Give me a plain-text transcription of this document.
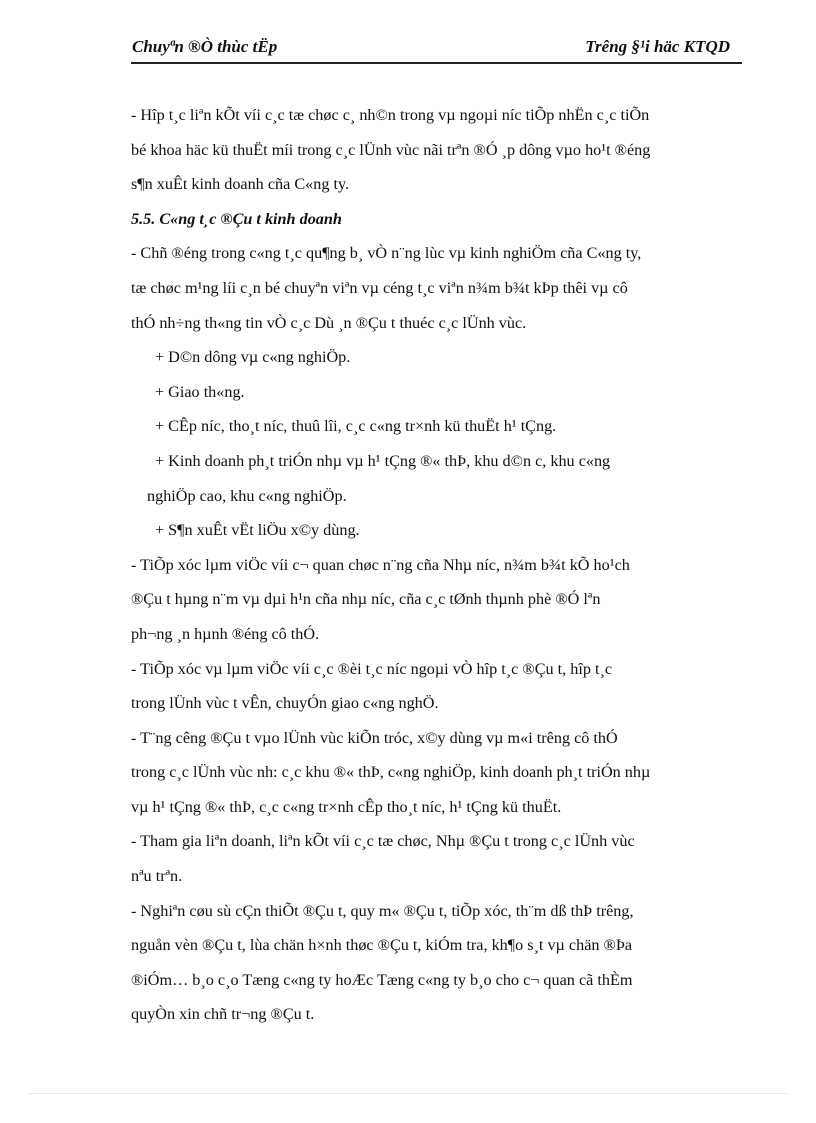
Chuyªn ®Ò thùc tËp	Trêng §¹i häc KTQD

- Hîp t¸c liªn kÕt víi c¸c tæ chøc c¸ nh©n trong vµ ngoµi níc tiÕp nhËn c¸c tiÕn

bé khoa häc kü thuËt míi trong c¸c lÜnh vùc nãi trªn ®Ó ¸p dông vµo ho¹t ®éng

s¶n xuÊt kinh doanh cña C«ng ty.

5.5. C«ng t¸c ®Çu t kinh doanh

- Chñ ®éng trong c«ng t¸c qu¶ng b¸ vÒ n¨ng lùc vµ kinh nghiÖm cña C«ng ty,

tæ chøc m¹ng líi c¸n bé chuyªn viªn vµ céng t¸c viªn n¾m b¾t kÞp thêi vµ cô

thÓ nh÷ng th«ng tin vÒ c¸c Dù ¸n ®Çu t thuéc c¸c lÜnh vùc.

+ D©n dông vµ c«ng nghiÖp.

+ Giao th«ng.

+ CÊp níc, tho¸t níc, thuû lîi, c¸c c«ng tr×nh kü thuËt h¹ tÇng.

+ Kinh doanh ph¸t triÓn nhµ vµ h¹ tÇng ®« thÞ, khu d©n c, khu c«ng

nghiÖp cao, khu c«ng nghiÖp.

+ S¶n xuÊt vËt liÖu x©y dùng.

- TiÕp xóc lµm viÖc víi c¬ quan chøc n¨ng cña Nhµ níc, n¾m b¾t kÕ ho¹ch

®Çu t hµng n¨m vµ dµi h¹n cña nhµ níc, cña c¸c tØnh thµnh phè ®Ó lªn

ph¬ng ¸n hµnh ®éng cô thÓ.

- TiÕp xóc vµ lµm viÖc víi c¸c ®èi t¸c níc ngoµi vÒ hîp t¸c ®Çu t, hîp t¸c

trong lÜnh vùc t vÊn, chuyÓn giao c«ng nghÖ.

- T¨ng cêng ®Çu t vµo lÜnh vùc kiÕn tróc, x©y dùng vµ m«i trêng cô thÓ

trong c¸c lÜnh vùc nh: c¸c khu ®« thÞ, c«ng nghiÖp, kinh doanh ph¸t triÓn nhµ

vµ h¹ tÇng ®« thÞ, c¸c c«ng tr×nh cÊp tho¸t níc, h¹ tÇng kü thuËt.

- Tham gia liªn doanh, liªn kÕt víi c¸c tæ chøc, Nhµ ®Çu t trong c¸c lÜnh vùc

nªu trªn.

- Nghiªn cøu sù cÇn thiÕt ®Çu t, quy m« ®Çu t, tiÕp xóc, th¨m dß thÞ trêng,

nguån vèn ®Çu t, lùa chän h×nh thøc ®Çu t, kiÓm tra, kh¶o s¸t vµ chän ®Þa

®iÓm… b¸o c¸o Tæng c«ng ty hoÆc Tæng c«ng ty b¸o cho c¬ quan cã thÈm

quyÒn xin chñ tr¬ng ®Çu t.
